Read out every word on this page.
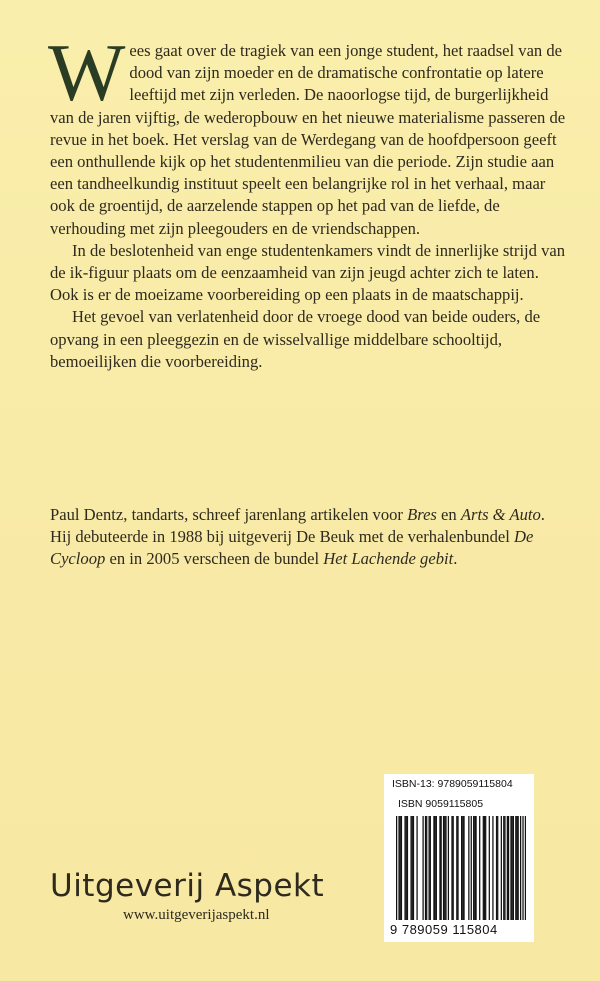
Wees gaat over de tragiek van een jonge student, het raadsel van de dood van zijn moeder en de dramatische confrontatie op latere leeftijd met zijn verleden. De naoorlogse tijd, de burgerlijkheid van de jaren vijftig, de wederopbouw en het nieuwe materialisme passeren de revue in het boek. Het verslag van de Werdegang van de hoofdpersoon geeft een onthullende kijk op het studentenmilieu van die periode. Zijn studie aan een tandheelkundig instituut speelt een belangrijke rol in het verhaal, maar ook de groentijd, de aarzelende stappen op het pad van de liefde, de verhouding met zijn pleegouders en de vriendschappen.

In de beslotenheid van enge studentenkamers vindt de innerlijke strijd van de ik-figuur plaats om de eenzaamheid van zijn jeugd achter zich te laten. Ook is er de moeizame voorbereiding op een plaats in de maatschappij.

Het gevoel van verlatenheid door de vroege dood van beide ouders, de opvang in een pleeggezin en de wisselvallige middelbare schooltijd, bemoeilijken die voorbereiding.

Paul Dentz, tandarts, schreef jarenlang artikelen voor Bres en Arts & Auto. Hij debuteerde in 1988 bij uitgeverij De Beuk met de verhalenbundel De Cycloop en in 2005 verscheen de bundel Het Lachende gebit.

Uitgeverij Aspekt
www.uitgeverijaspekt.nl
ISBN-13: 9789059115804
ISBN 9059115805
9 789059 115804
